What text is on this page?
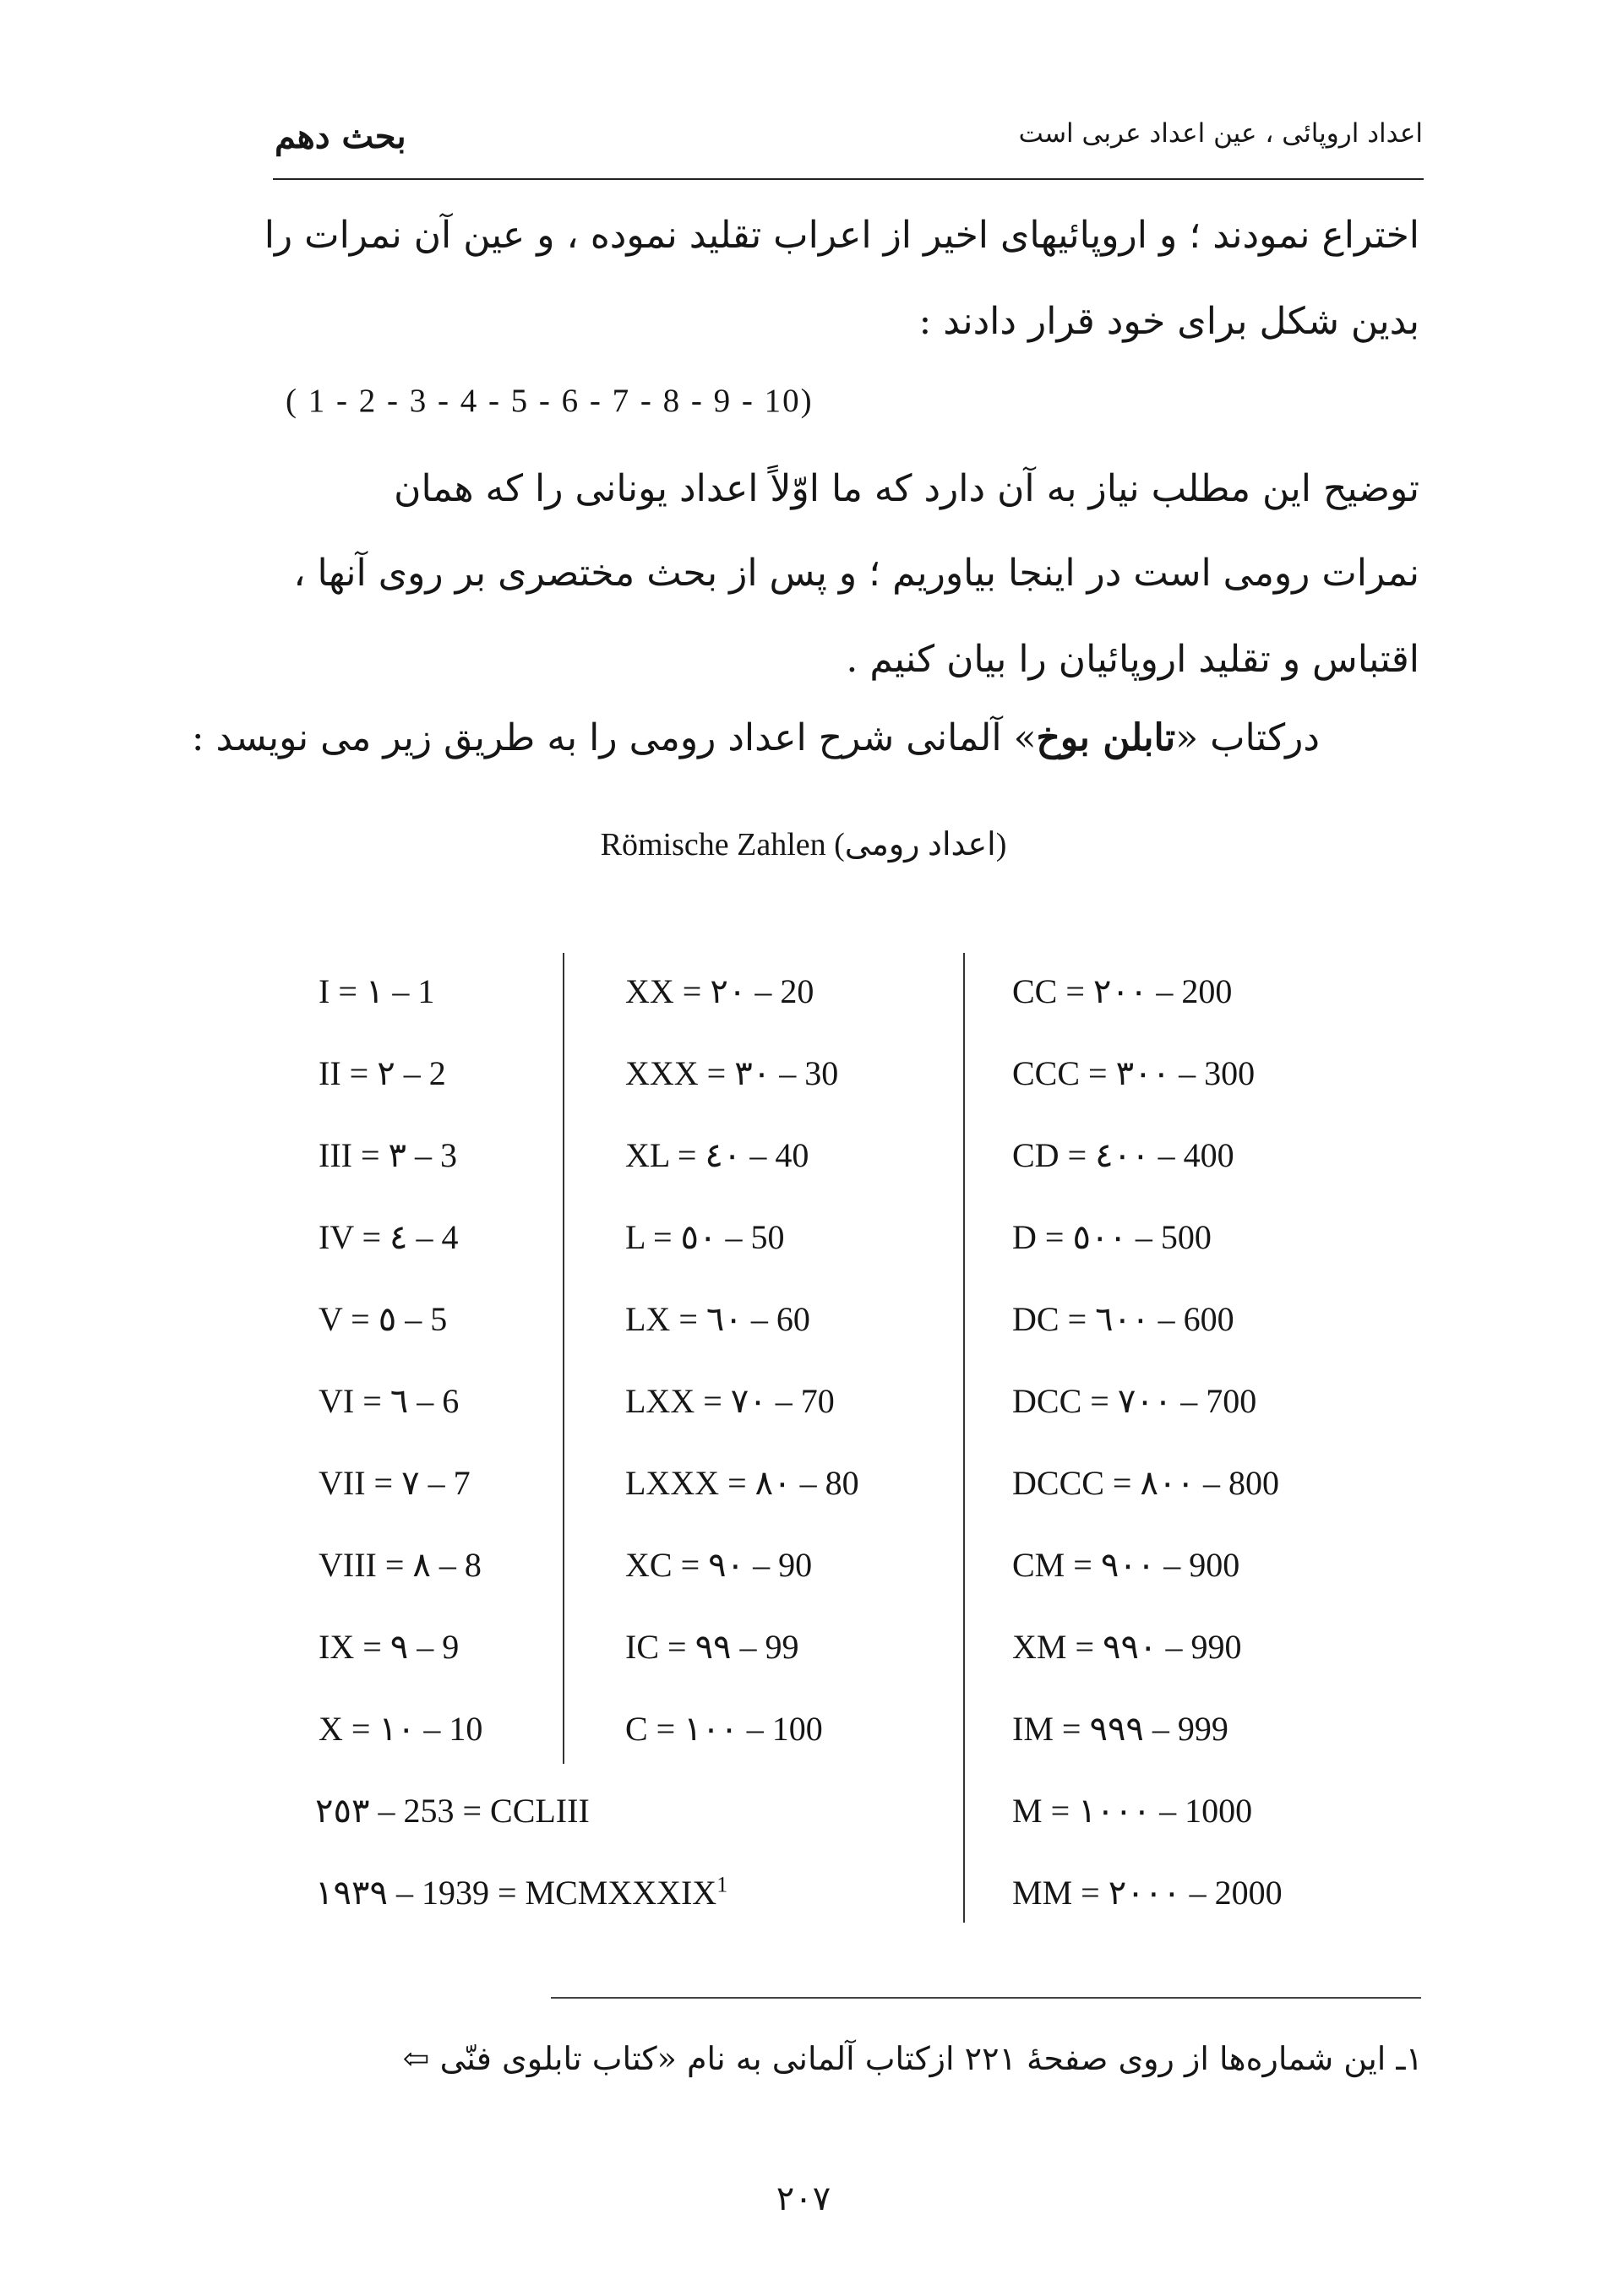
بحث دهم	اعداد اروپائی ، عین اعداد عربی است
اختراع نمودند ؛ و اروپائیهای اخیر از اعراب تقلید نموده ، و عین آن نمرات را
بدین شکل برای خود قرار دادند :
( 1 - 2 - 3 - 4 - 5 - 6 - 7 - 8 - 9 - 10)
توضیح این مطلب نیاز به آن دارد که ما اوّلاً اعداد یونانی را که همان
نمرات رومی است در اینجا بیاوریم ؛ و پس از بحث مختصری بر روی آنها ،
اقتباس و تقلید اروپائیان را بیان کنیم .
درکتاب «تابلن بوخ» آلمانی شرح اعداد رومی را به طریق زیر می نویسد :
Römische Zahlen (اعداد رومی)
I = ١ – 1
II = ٢ – 2
III = ٣ – 3
IV = ٤ – 4
V = ٥ – 5
VI = ٦ – 6
VII = ٧ – 7
VIII = ٨ – 8
IX = ٩ – 9
X = ١٠ – 10
XX = ٢٠ – 20
XXX = ٣٠ – 30
XL = ٤٠ – 40
L = ٥٠ – 50
LX = ٦٠ – 60
LXX = ٧٠ – 70
LXXX = ٨٠ – 80
XC = ٩٠ – 90
IC = ٩٩ – 99
C = ١٠٠ – 100
CC = ٢٠٠ – 200
CCC = ٣٠٠ – 300
CD = ٤٠٠ – 400
D = ٥٠٠ – 500
DC = ٦٠٠ – 600
DCC = ٧٠٠ – 700
DCCC = ٨٠٠ – 800
CM = ٩٠٠ – 900
XM = ٩٩٠ – 990
IM = ٩٩٩ – 999
M = ١٠٠٠ – 1000
MM = ٢٠٠٠ – 2000
٢٥٣ – 253 = CCLIII
١٩٣٩ – 1939 = MCMXXXIX$^1$
١ـ این شماره‌ها از روی صفحهٔ ٢٢١ ازکتاب آلمانی به نام «کتاب تابلوی فنّی ⇦
٢٠٧
